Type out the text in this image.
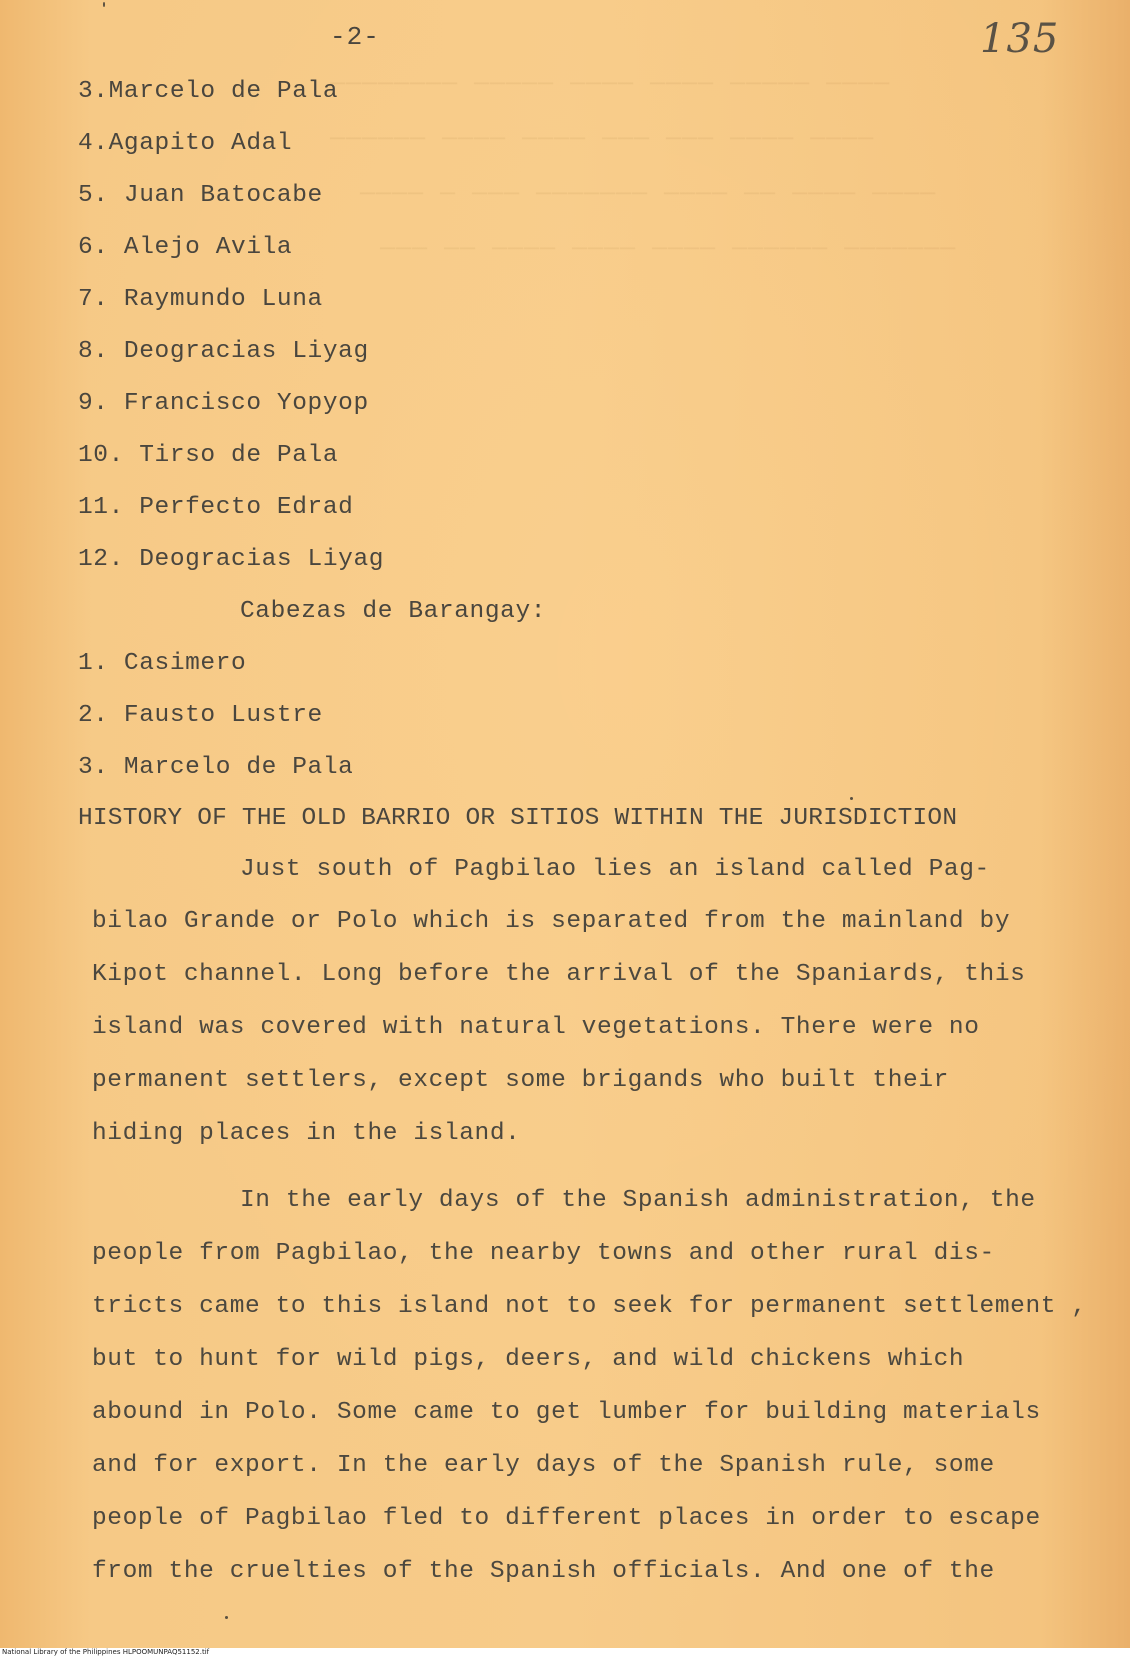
──────── ───── ──── ──── ───── ────
────── ──── ──── ─── ─── ──── ────
──── ─ ─── ─────── ──── ── ──── ────
─── ── ──── ──── ──── ────── ───────
-2-	135
3.Marcelo de Pala
4.Agapito Adal
5. Juan Batocabe
6. Alejo Avila
7. Raymundo Luna
8. Deogracias Liyag
9. Francisco Yopyop
10. Tirso de Pala
11. Perfecto Edrad
12. Deogracias Liyag
Cabezas de Barangay:
1. Casimero
2. Fausto Lustre
3. Marcelo de Pala
HISTORY OF THE OLD BARRIO OR SITIOS WITHIN THE JURISDICTION
Just south of Pagbilao lies an island called Pag-
bilao Grande or Polo which is separated from the mainland by
Kipot channel. Long before the arrival of the Spaniards, this
island was covered with natural vegetations. There were no
permanent settlers, except some brigands who built their
hiding places in the island.
In the early days of the Spanish administration, the
people from Pagbilao, the nearby towns and other rural dis-
tricts came to this island not to seek for permanent settlement ,
but to hunt for wild pigs, deers, and wild chickens which
abound in Polo. Some came to get lumber for building materials
and for export. In the early days of the Spanish rule, some
people of Pagbilao fled to different places in order to escape
from the cruelties of the Spanish officials. And one of the
National Library of the Philippines HLPOOMUNPAQ51152.tif
